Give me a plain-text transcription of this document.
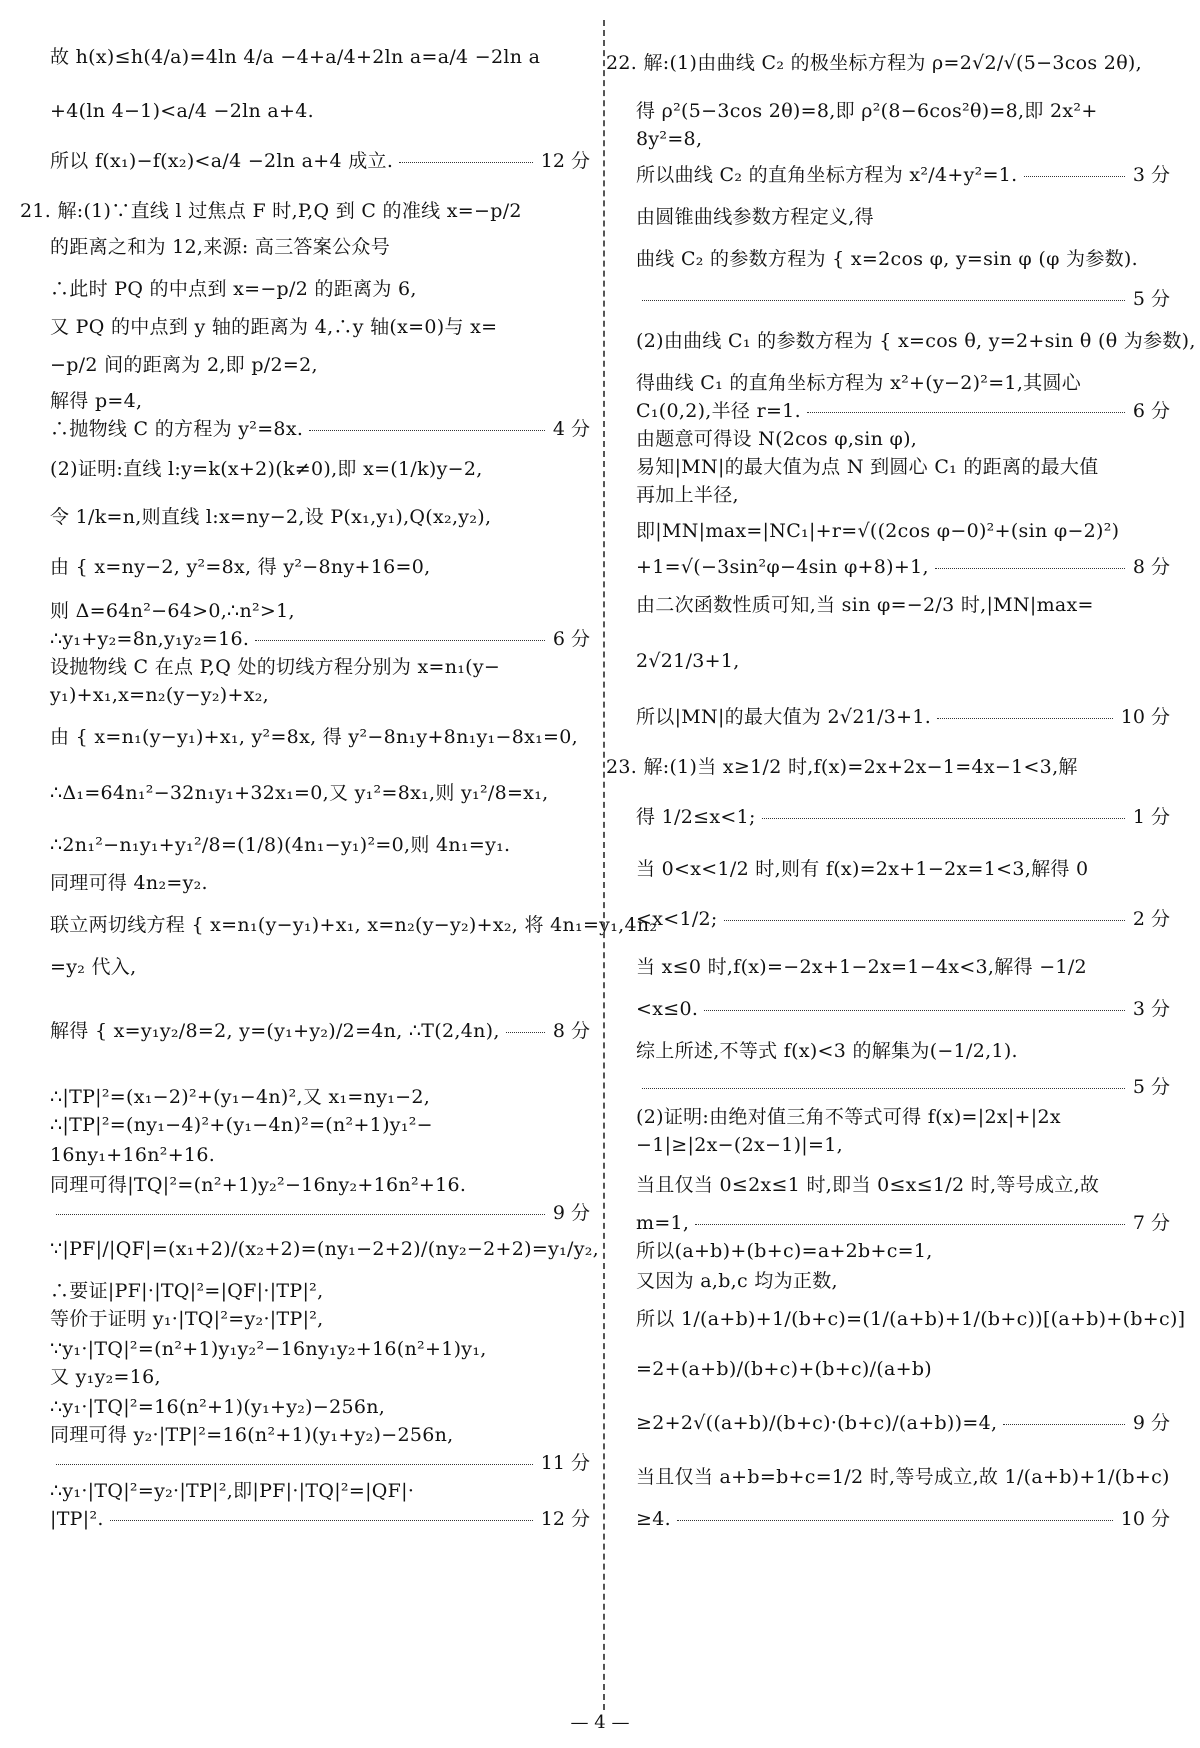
故 h(x)≤h(4/a)=4ln 4/a −4+a/4+2ln a=a/4 −2ln a
+4(ln 4−1)<a/4 −2ln a+4.
所以 f(x₁)−f(x₂)<a/4 −2ln a+4 成立.	12 分
21. 解:(1)∵直线 l 过焦点 F 时,P,Q 到 C 的准线 x=−p/2
的距离之和为 12,来源: 高三答案公众号
∴此时 PQ 的中点到 x=−p/2 的距离为 6,
又 PQ 的中点到 y 轴的距离为 4,∴y 轴(x=0)与 x=
−p/2 间的距离为 2,即 p/2=2,
解得 p=4,
∴抛物线 C 的方程为 y²=8x.	4 分
(2)证明:直线 l:y=k(x+2)(k≠0),即 x=(1/k)y−2,
令 1/k=n,则直线 l:x=ny−2,设 P(x₁,y₁),Q(x₂,y₂),
由 { x=ny−2, y²=8x, 得 y²−8ny+16=0,
则 Δ=64n²−64>0,∴n²>1,
∴y₁+y₂=8n,y₁y₂=16.	6 分
设抛物线 C 在点 P,Q 处的切线方程分别为 x=n₁(y−
y₁)+x₁,x=n₂(y−y₂)+x₂,
由 { x=n₁(y−y₁)+x₁, y²=8x, 得 y²−8n₁y+8n₁y₁−8x₁=0,
∴Δ₁=64n₁²−32n₁y₁+32x₁=0,又 y₁²=8x₁,则 y₁²/8=x₁,
∴2n₁²−n₁y₁+y₁²/8=(1/8)(4n₁−y₁)²=0,则 4n₁=y₁.
同理可得 4n₂=y₂.
联立两切线方程 { x=n₁(y−y₁)+x₁, x=n₂(y−y₂)+x₂, 将 4n₁=y₁,4n₂
=y₂ 代入,
解得 { x=y₁y₂/8=2, y=(y₁+y₂)/2=4n, ∴T(2,4n),	8 分
∴|TP|²=(x₁−2)²+(y₁−4n)²,又 x₁=ny₁−2,
∴|TP|²=(ny₁−4)²+(y₁−4n)²=(n²+1)y₁²−
16ny₁+16n²+16.
同理可得|TQ|²=(n²+1)y₂²−16ny₂+16n²+16.
9 分
∵|PF|/|QF|=(x₁+2)/(x₂+2)=(ny₁−2+2)/(ny₂−2+2)=y₁/y₂,
∴要证|PF|·|TQ|²=|QF|·|TP|²,
等价于证明 y₁·|TQ|²=y₂·|TP|²,
∵y₁·|TQ|²=(n²+1)y₁y₂²−16ny₁y₂+16(n²+1)y₁,
又 y₁y₂=16,
∴y₁·|TQ|²=16(n²+1)(y₁+y₂)−256n,
同理可得 y₂·|TP|²=16(n²+1)(y₁+y₂)−256n,
11 分
∴y₁·|TQ|²=y₂·|TP|²,即|PF|·|TQ|²=|QF|·
|TP|².	12 分
22. 解:(1)由曲线 C₂ 的极坐标方程为 ρ=2√2/√(5−3cos 2θ),
得 ρ²(5−3cos 2θ)=8,即 ρ²(8−6cos²θ)=8,即 2x²+
8y²=8,
所以曲线 C₂ 的直角坐标方程为 x²/4+y²=1.	3 分
由圆锥曲线参数方程定义,得
曲线 C₂ 的参数方程为 { x=2cos φ, y=sin φ (φ 为参数).
5 分
(2)由曲线 C₁ 的参数方程为 { x=cos θ, y=2+sin θ (θ 为参数),
得曲线 C₁ 的直角坐标方程为 x²+(y−2)²=1,其圆心
C₁(0,2),半径 r=1.	6 分
由题意可得设 N(2cos φ,sin φ),
易知|MN|的最大值为点 N 到圆心 C₁ 的距离的最大值
再加上半径,
即|MN|max=|NC₁|+r=√((2cos φ−0)²+(sin φ−2)²)
+1=√(−3sin²φ−4sin φ+8)+1,	8 分
由二次函数性质可知,当 sin φ=−2/3 时,|MN|max=
2√21/3+1,
所以|MN|的最大值为 2√21/3+1.	10 分
23. 解:(1)当 x≥1/2 时,f(x)=2x+2x−1=4x−1<3,解
得 1/2≤x<1;	1 分
当 0<x<1/2 时,则有 f(x)=2x+1−2x=1<3,解得 0
<x<1/2;	2 分
当 x≤0 时,f(x)=−2x+1−2x=1−4x<3,解得 −1/2
<x≤0.	3 分
综上所述,不等式 f(x)<3 的解集为(−1/2,1).
5 分
(2)证明:由绝对值三角不等式可得 f(x)=|2x|+|2x
−1|≥|2x−(2x−1)|=1,
当且仅当 0≤2x≤1 时,即当 0≤x≤1/2 时,等号成立,故
m=1,	7 分
所以(a+b)+(b+c)=a+2b+c=1,
又因为 a,b,c 均为正数,
所以 1/(a+b)+1/(b+c)=(1/(a+b)+1/(b+c))[(a+b)+(b+c)]
=2+(a+b)/(b+c)+(b+c)/(a+b)
≥2+2√((a+b)/(b+c)·(b+c)/(a+b))=4,	9 分
当且仅当 a+b=b+c=1/2 时,等号成立,故 1/(a+b)+1/(b+c)
≥4.	10 分
— 4 —
